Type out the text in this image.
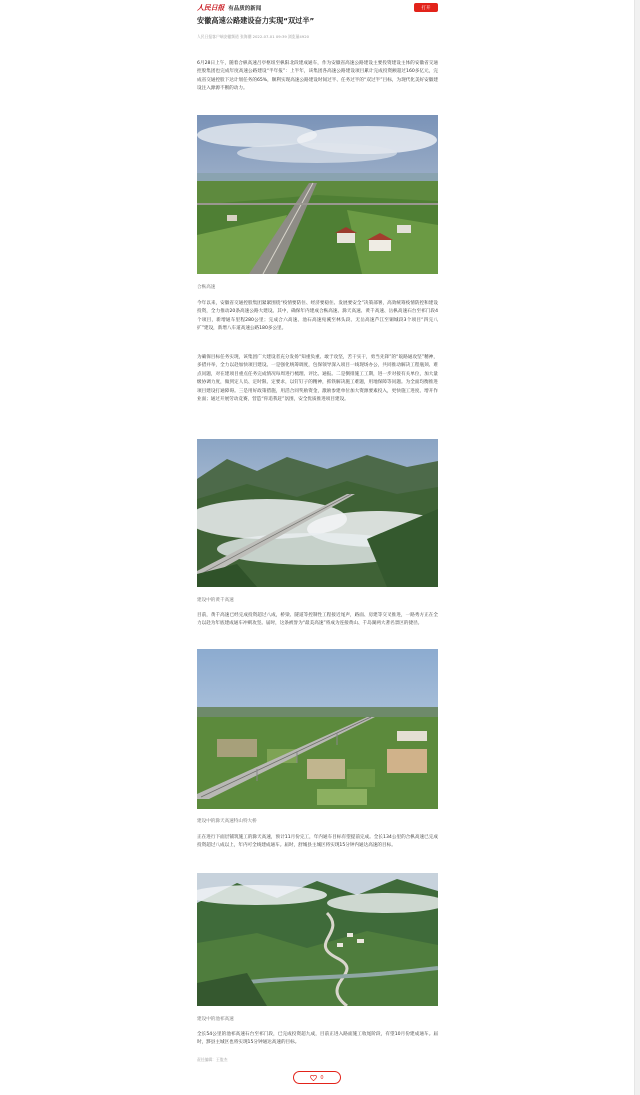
人民日报 有品质的新闻	打开
安徽高速公路建设奋力实现“双过半”
人民日报客户端安徽频道 张海潮 2022-07-01 09:39 浏览量4920

6月28日上午，随着合枞高速吕亭枢纽至枞阳北段建成通车，作为安徽省高速公路建设主要投资建设主体的安徽省交通控股集团也完成年度高速公路建设“半年报”：上半年，该集团各高速公路建设项目累计完成投资额超过160多亿元，完成省交通控股下达计划任务的65%，顺利实现高速公路建设时间过半、任务过半的“双过半”目标，为现代化美好安徽建设注入源源不断的动力。

合枞高速

今年以来，安徽省交通控股集团紧紧围绕“疫情要防住、经济要稳住、发展要安全”决策部署，高效统筹疫情防控和建设投资，全力推动20条高速公路大建设。其中，确保年内建成合枞高速、滁天高速、黄千高速、岳枞高速石台至祁门段4个项目，新增通车里程280公里；完成合六高速、池石高速宛溪至林头段、无岳高速芦江至铜城段3个项目“四完八扩”建设，新增八车道高速公路180多公里。

为确保目标任务实现，该集团广大建设者充分发扬“知重负重、敢于攻坚，苦干实干，勇当先锋”的“皖路通攻坚”精神，多措并举，全力以赴加快项目建设。一是强化统筹调度，包保领导深入项目一线现场办公，共同推动解决工程瓶颈、难点问题，对在建项目重点任务完成情况每周进行梳理、评比、通报。二是倒排施工工期，进一步对接有关单位，加大量级协调力度，做到定人员、定时限、定要求，以钉钉子的精神，抓铁解决施工难题，用地保障等问题。为全面均衡推进项目建设打通障碍。三是用好政策措施，用活合同奖励资金，激励参建单位加大资源要素投入，更快施工进度、增开作业面；通过开展劳动竞赛，营造“你追我赶”氛围，安全优质推进项目建设。

建设中的黄千高速

目前，黄千高速已经完成投资超过八成，桥梁、隧道等控制性工程接近尾声，路面、房建等交叉推进，一路秀方正在全力以赴为年底建成通车冲刺攻坚。届时，这条被誉为“最美高速”将成为连接黄山、千岛湖两大著名景区的捷径。

建设中的滁天高速特山特大桥

正在进行下面层铺筑施工的滁天高速，预计11月份完工，年内通车目标有望提前完成。全长134公里的合枞高速已完成投资超过八成以上，年内可全线建成通车。届时，舒城县主城区将实现15分钟内通达高速的目标。

建设中的池祁高速

全长54公里的池祁高速石台至祁门段，已完成投资超九成，目前正进入路面施工收尾阶段，有望10月份建成通车。届时，黟县主城区也将实现15分钟通达高速的目标。

责任编辑：王俊杰
0
